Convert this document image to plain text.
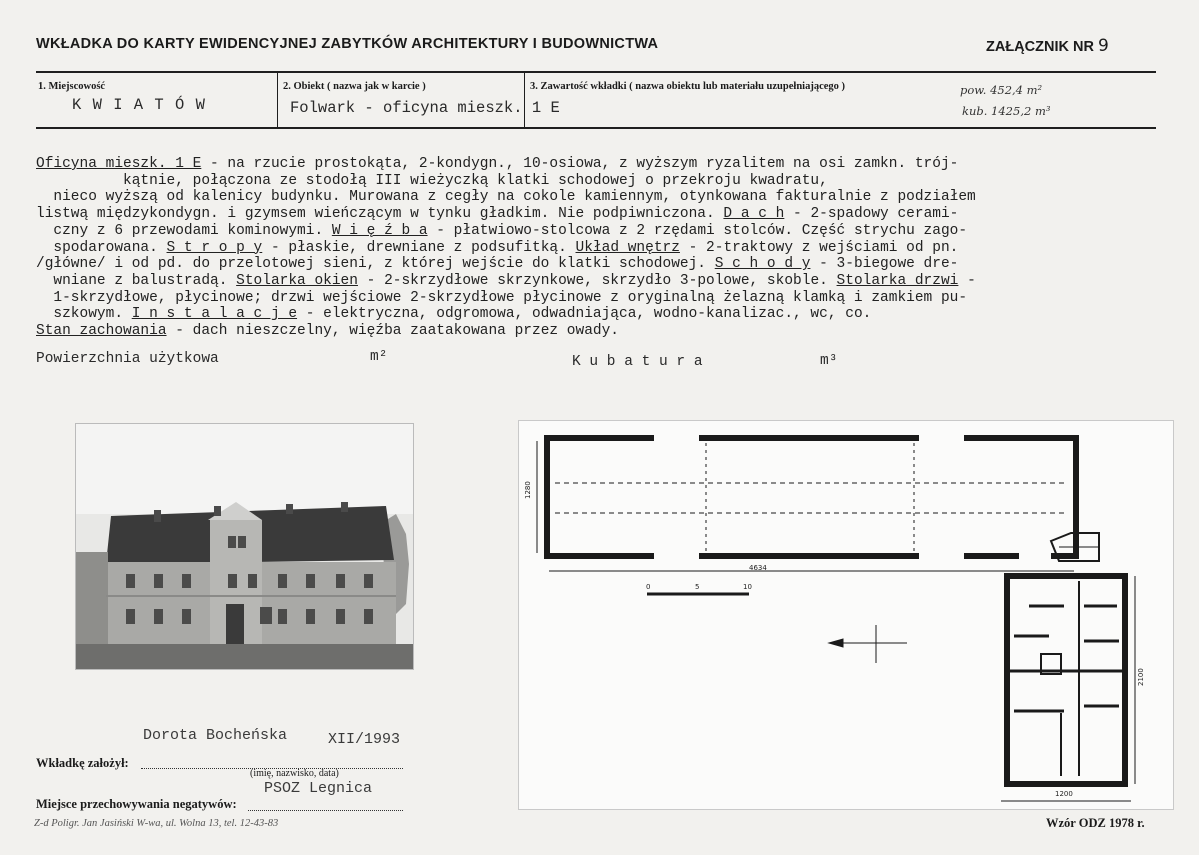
WKŁADKA DO KARTY EWIDENCYJNEJ ZABYTKÓW ARCHITEKTURY I BUDOWNICTWA	ZAŁĄCZNIK NR 9
1. Miejscowość
K W I A T Ó W
2. Obiekt ( nazwa jak w karcie )
Folwark - oficyna mieszk. 1 E
3. Zawartość wkładki ( nazwa obiektu lub materiału uzupełniającego )	pow. 452,4 m²
kub. 1425,2 m³

Oficyna mieszk. 1 E - na rzucie prostokąta, 2-kondygn., 10-osiowa, z wyższym ryzalitem na osi zamkn. trój-

kątnie, połączona ze stodołą III wieżyczką klatki schodowej o przekroju kwadratu,

nieco wyższą od kalenicy budynku. Murowana z cegły na cokole kamiennym, otynkowana fakturalnie z podziałem

listwą międzykondygn. i gzymsem wieńczącym w tynku gładkim. Nie podpiwniczona. D a c h - 2-spadowy cerami-

czny z 6 przewodami kominowymi. W i ę ź b a - płatwiowo-stolcowa z 2 rzędami stolców. Część strychu zago-

spodarowana. S t r o p y - płaskie, drewniane z podsufitką. Układ wnętrz - 2-traktowy z wejściami od pn.

/główne/ i od pd. do przelotowej sieni, z której wejście do klatki schodowej. S c h o d y - 3-biegowe dre-

wniane z balustradą. Stolarka okien - 2-skrzydłowe skrzynkowe, skrzydło 3-polowe, skoble. Stolarka drzwi -

1-skrzydłowe, płycinowe; drzwi wejściowe 2-skrzydłowe płycinowe z oryginalną żelazną klamką i zamkiem pu-

szkowym. I n s t a l a c j e - elektryczna, odgromowa, odwadniająca, wodno-kanalizac., wc, co.

Stan zachowania - dach nieszczelny, więźba zaatakowana przez owady.

Powierzchnia użytkowa	m²	K u b a t u r a	m³
4634
1280
2100
1200
0	5	10
Dorota Bocheńska	XII/1993
Wkładkę założył:
(imię, nazwisko, data)
PSOZ Legnica
Miejsce przechowywania negatywów:
Z-d Poligr. Jan Jasiński W-wa, ul. Wolna 13, tel. 12-43-83	Wzór ODZ 1978 r.
